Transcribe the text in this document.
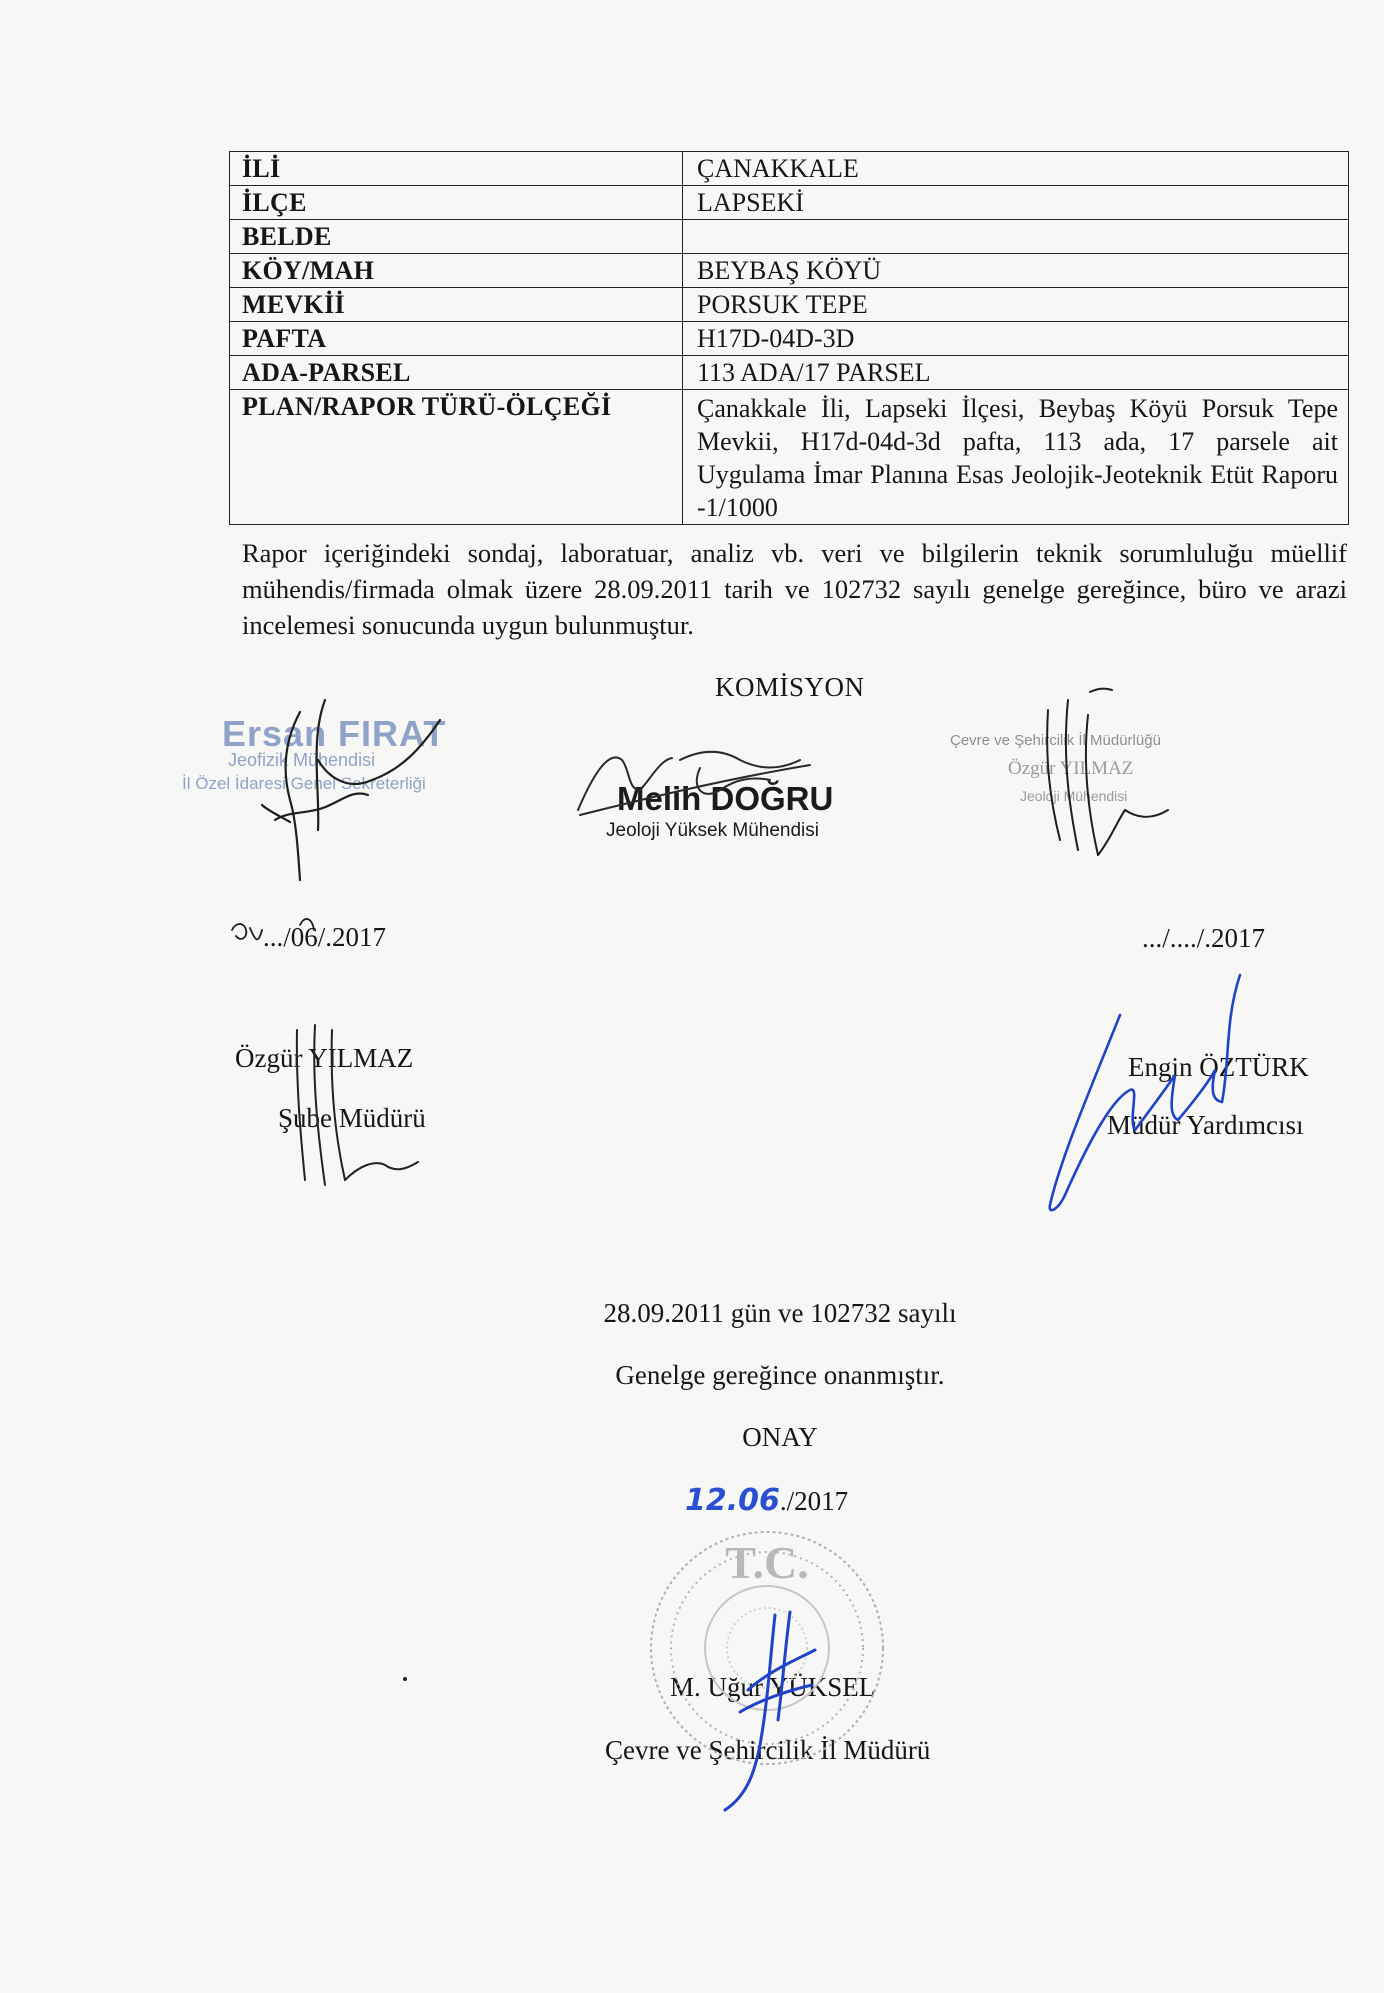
İLİ	ÇANAKKALE
İLÇE	LAPSEKİ
BELDE	
KÖY/MAH	BEYBAŞ KÖYÜ
MEVKİİ	PORSUK TEPE
PAFTA	H17D-04D-3D
ADA-PARSEL	113 ADA/17 PARSEL
PLAN/RAPOR TÜRÜ-ÖLÇEĞİ	Çanakkale İli, Lapseki İlçesi, Beybaş Köyü Porsuk Tepe Mevkii, H17d-04d-3d pafta, 113 ada, 17 parsele ait Uygulama İmar Planına Esas Jeolojik-Jeoteknik Etüt Raporu -1/1000
Rapor içeriğindeki sondaj, laboratuar, analiz vb. veri ve bilgilerin teknik sorumluluğu müellif mühendis/firmada olmak üzere 28.09.2011 tarih ve 102732 sayılı genelge gereğince, büro ve arazi incelemesi sonucunda uygun bulunmuştur.
KOMİSYON
Ersan FIRAT
Jeofizik Mühendisi
İl Özel İdaresi Genel Sekreterliği	Melih DOĞRU
Jeoloji Yüksek Mühendisi
Çevre ve Şehircilik İl Müdürlüğü
Özgür YILMAZ
Jeoloji Mühendisi
.../06/.2017	.../..../.2017
Özgür YILMAZ
Şube Müdürü
Engin ÖZTÜRK
Müdür Yardımcısı
28.09.2011 gün ve 102732 sayılı
Genelge gereğince onanmıştır.
ONAY
12.06./2017
M. Uğur YÜKSEL
Çevre ve Şehircilik İl Müdürü
T.C.
